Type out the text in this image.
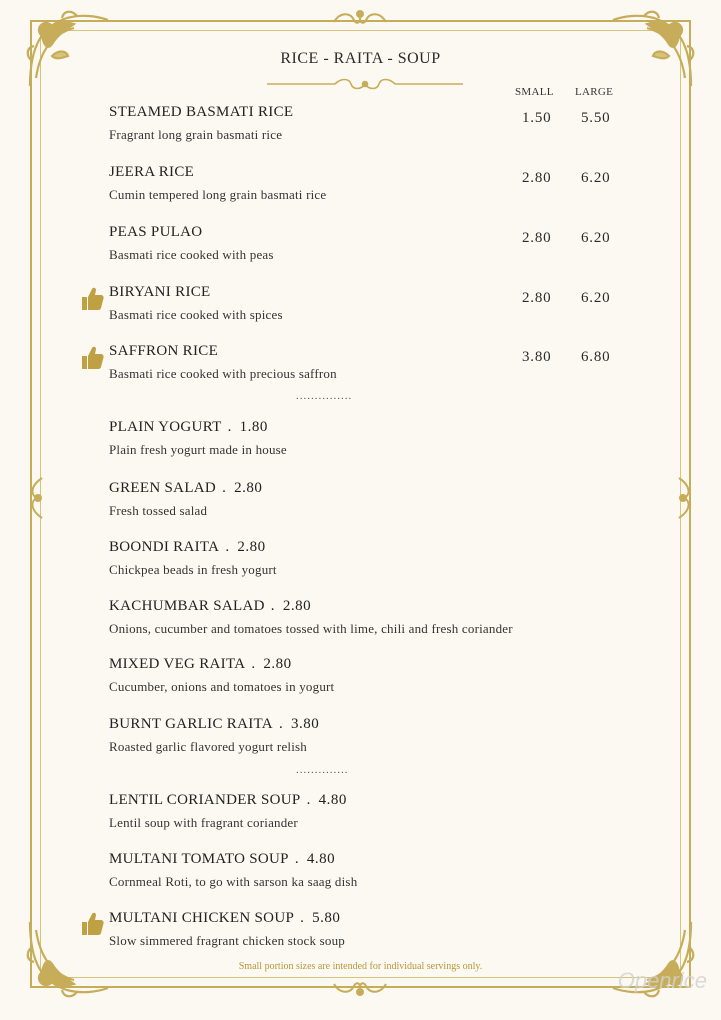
RICE - RAITA - SOUP
SMALL LARGE
STEAMED BASMATI RICE
Fragrant long grain basmati rice
1.50 5.50
JEERA RICE
Cumin tempered long grain basmati rice
2.80 6.20
PEAS PULAO
Basmati rice cooked with peas
2.80 6.20
BIRYANI RICE
Basmati rice cooked with spices
2.80 6.20
SAFFRON RICE
Basmati rice cooked with precious saffron
3.80 6.80
...............
PLAIN YOGURT . 1.80
Plain fresh yogurt made in house
GREEN SALAD . 2.80
Fresh tossed salad
BOONDI RAITA . 2.80
Chickpea beads in fresh yogurt
KACHUMBAR SALAD . 2.80
Onions, cucumber and tomatoes tossed with lime, chili and fresh coriander
MIXED VEG RAITA . 2.80
Cucumber, onions and tomatoes in yogurt
BURNT GARLIC RAITA . 3.80
Roasted garlic flavored yogurt relish
..............
LENTIL CORIANDER SOUP . 4.80
Lentil soup with fragrant coriander
MULTANI TOMATO SOUP . 4.80
Cornmeal Roti, to go with sarson ka saag dish
MULTANI CHICKEN SOUP . 5.80
Slow simmered fragrant chicken stock soup
Small portion sizes are intended for individual servings only.
Openrice
